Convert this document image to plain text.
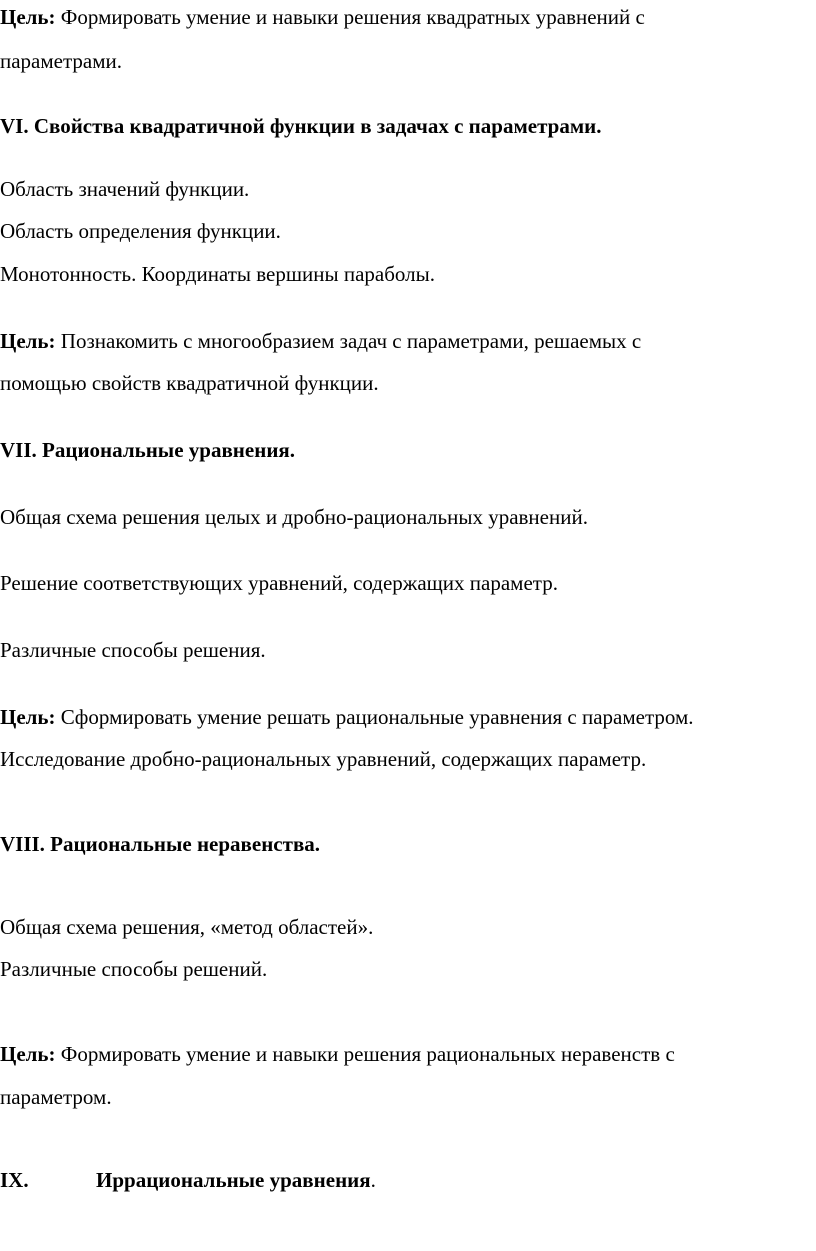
Цель: Формировать умение и навыки решения квадратных уравнений с
параметрами.
VI. Свойства квадратичной функции в задачах с параметрами.
Область значений функции.
Область определения функции.
Монотонность. Координаты вершины параболы.
Цель: Познакомить с многообразием задач с параметрами, решаемых с
помощью свойств квадратичной функции.
VII. Рациональные уравнения.
Общая схема решения целых и дробно-рациональных уравнений.
Решение соответствующих уравнений, содержащих параметр.
Различные способы решения.
Цель: Сформировать умение решать рациональные уравнения с параметром.
Исследование дробно-рациональных уравнений, содержащих параметр.
VIII. Рациональные неравенства.
Общая схема решения, «метод областей».
Различные способы решений.
Цель: Формировать умение и навыки решения рациональных неравенств с
параметром.
IX.	Иррациональные уравнения.
